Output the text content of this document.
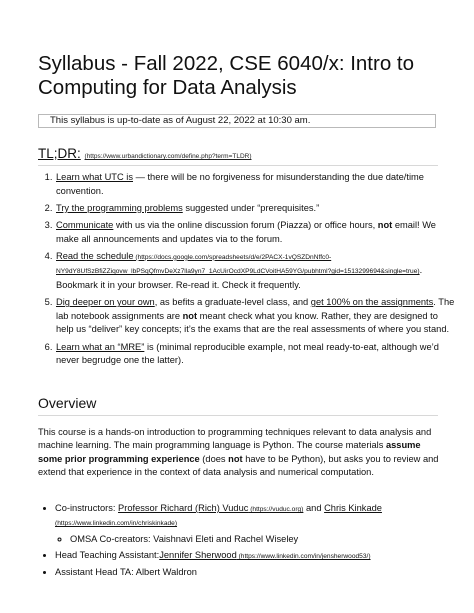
Syllabus - Fall 2022, CSE 6040/x: Intro to Computing for Data Analysis
This syllabus is up-to-date as of August 22, 2022 at 10:30 am.
TL;DR: (https://www.urbandictionary.com/define.php?term=TLDR)
1. Learn what UTC is — there will be no forgiveness for misunderstanding the due date/time convention.
2. Try the programming problems suggested under “prerequisites.”
3. Communicate with us via the online discussion forum (Piazza) or office hours, not email! We make all announcements and updates via to the forum.
4. Read the schedule (https://docs.google.com/spreadsheets/d/e/2PACX-1vQSZDnNffc0-NY9dY8UfSzBfiZZiqovw_lbPSqQfmvDeXz7lla9yn7_1AcUirOcdXP9LdCVoitHA59YG/pubhtml?gid=1513299694&single=true). Bookmark it in your browser. Re-read it. Check it frequently.
5. Dig deeper on your own, as befits a graduate-level class, and get 100% on the assignments. The lab notebook assignments are not meant check what you know. Rather, they are designed to help us “deliver” key concepts; it’s the exams that are the real assessments of where you stand.
6. Learn what an “MRE” is (minimal reproducible example, not meal ready-to-eat, although we’d never begrudge one the latter).
Overview

This course is a hands-on introduction to programming techniques relevant to data analysis and machine learning. The main programming language is Python. The course materials assume some prior programming experience (does not have to be Python), but asks you to review and extend that experience in the context of data analysis and numerical computation.

• Co-instructors: Professor Richard (Rich) Vuduc (https://vuduc.org) and Chris Kinkade
(https://www.linkedin.com/in/chriskinkade)
◦ OMSA Co-creators: Vaishnavi Eleti and Rachel Wiseley
• Head Teaching Assistant:Jennifer Sherwood (https://www.linkedin.com/in/jensherwood53/)
• Assistant Head TA: Albert Waldron
